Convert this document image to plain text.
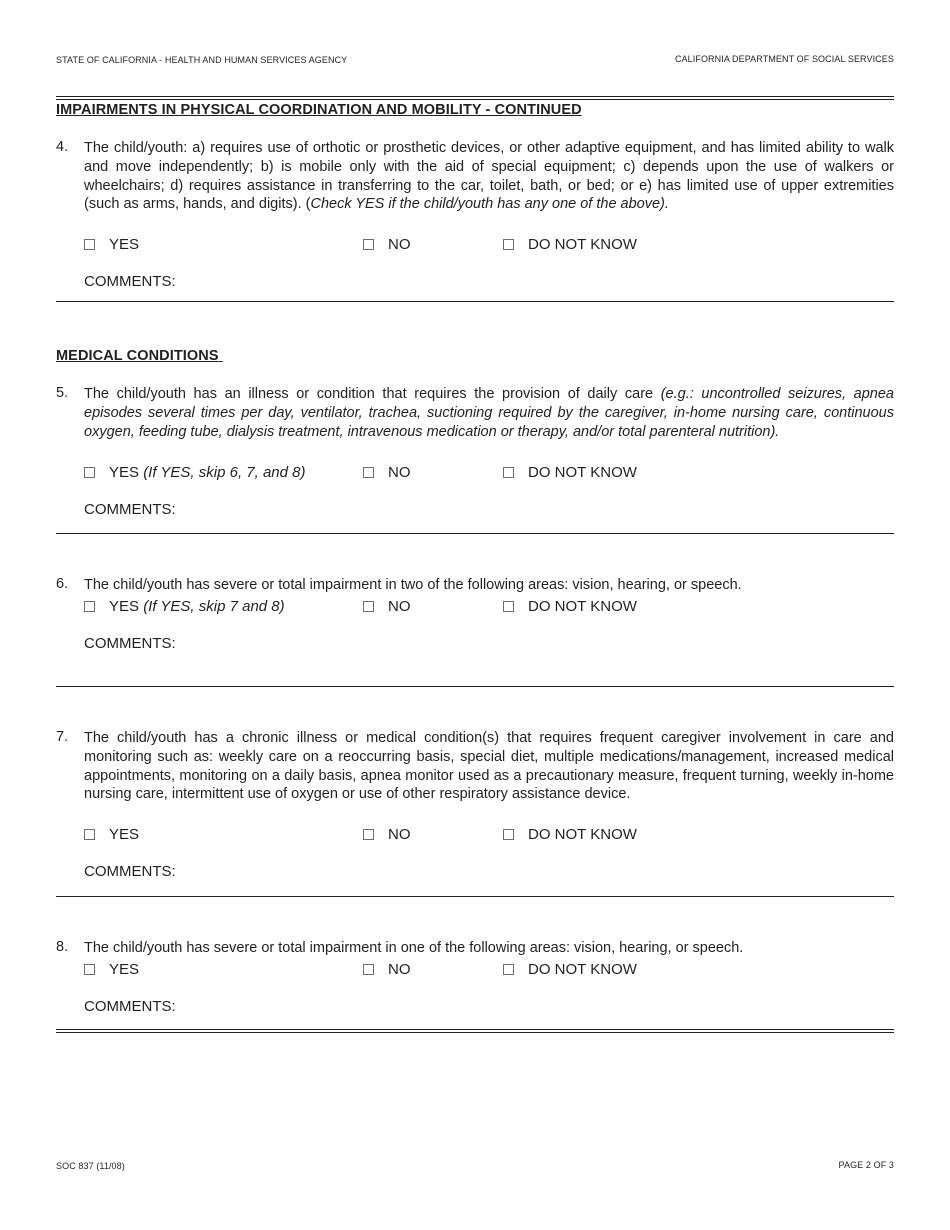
STATE OF CALIFORNIA - HEALTH AND HUMAN SERVICES AGENCY	CALIFORNIA DEPARTMENT OF SOCIAL SERVICES
IMPAIRMENTS IN PHYSICAL COORDINATION AND MOBILITY - CONTINUED
4. The child/youth: a) requires use of orthotic or prosthetic devices, or other adaptive equipment, and has limited ability to walk and move independently; b) is mobile only with the aid of special equipment; c) depends upon the use of walkers or wheelchairs; d) requires assistance in transferring to the car, toilet, bath, or bed; or e) has limited use of upper extremities (such as arms, hands, and digits). (Check YES if the child/youth has any one of the above).
YES	NO	DO NOT KNOW
COMMENTS:
MEDICAL CONDITIONS
5. The child/youth has an illness or condition that requires the provision of daily care (e.g.: uncontrolled seizures, apnea episodes several times per day, ventilator, trachea, suctioning required by the caregiver, in-home nursing care, continuous oxygen, feeding tube, dialysis treatment, intravenous medication or therapy, and/or total parenteral nutrition).
YES
(If YES, skip 6, 7, and 8)	NO	DO NOT KNOW
COMMENTS:
6. The child/youth has severe or total impairment in two of the following areas: vision, hearing, or speech.
YES
(If YES, skip 7 and 8)	NO	DO NOT KNOW
COMMENTS:
7. The child/youth has a chronic illness or medical condition(s) that requires frequent caregiver involvement in care and monitoring such as: weekly care on a reoccurring basis, special diet, multiple medications/management, increased medical appointments, monitoring on a daily basis, apnea monitor used as a precautionary measure, frequent turning, weekly in-home nursing care, intermittent use of oxygen or use of other respiratory assistance device.
YES	NO	DO NOT KNOW
COMMENTS:
8. The child/youth has severe or total impairment in one of the following areas: vision, hearing, or speech.
YES	NO	DO NOT KNOW
COMMENTS:
SOC 837 (11/08)	PAGE 2 OF 3
